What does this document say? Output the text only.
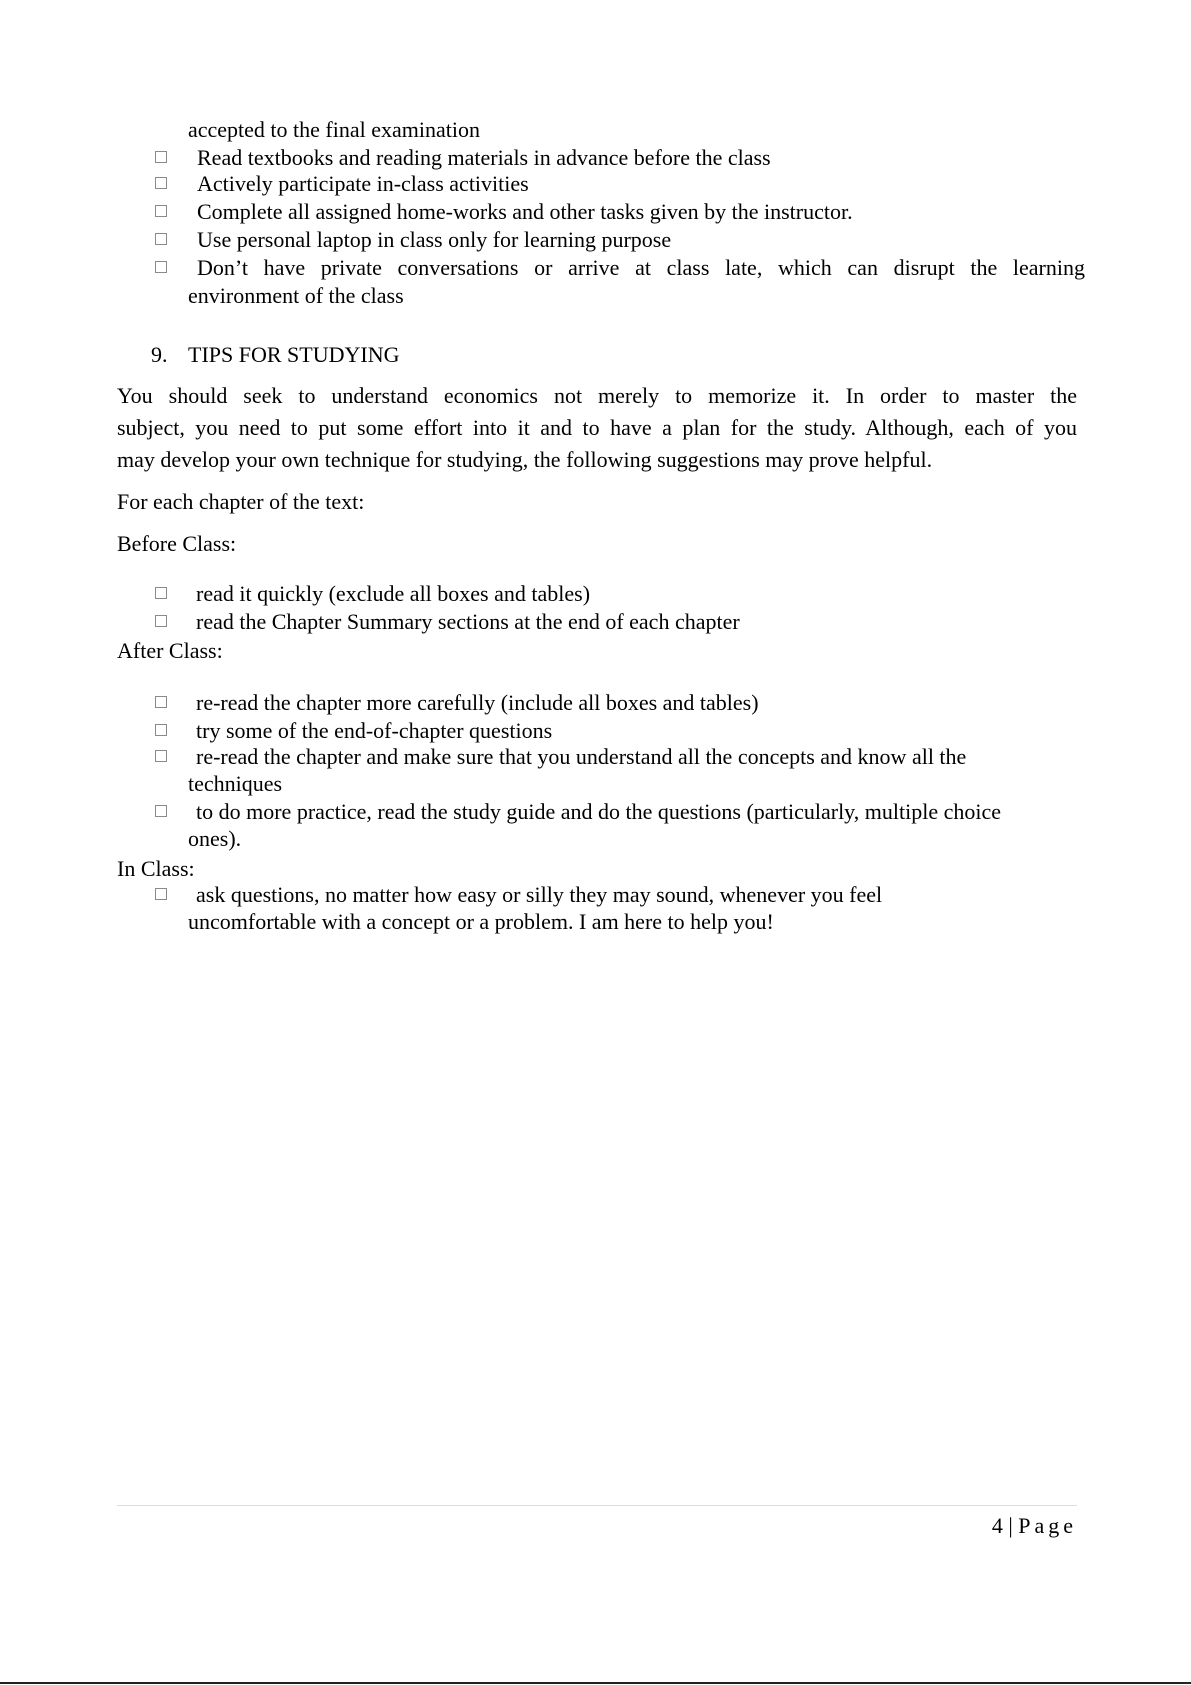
accepted to the final examination
Read textbooks and reading materials in advance before the class
Actively participate in-class activities
Complete all assigned home-works and other tasks given by the instructor.
Use personal laptop in class only for learning purpose
Don’t have private conversations or arrive at class late, which can disrupt the learning
environment of the class
9. TIPS FOR STUDYING
You should seek to understand economics not merely to memorize it. In order to master the
subject, you need to put some effort into it and to have a plan for the study. Although, each of you
may develop your own technique for studying, the following suggestions may prove helpful.
For each chapter of the text:
Before Class:
read it quickly (exclude all boxes and tables)
read the Chapter Summary sections at the end of each chapter
After Class:
re-read the chapter more carefully (include all boxes and tables)
try some of the end-of-chapter questions
re-read the chapter and make sure that you understand all the concepts and know all the
techniques
to do more practice, read the study guide and do the questions (particularly, multiple choice
ones).
In Class:
ask questions, no matter how easy or silly they may sound, whenever you feel
uncomfortable with a concept or a problem. I am here to help you!
4 | Page
